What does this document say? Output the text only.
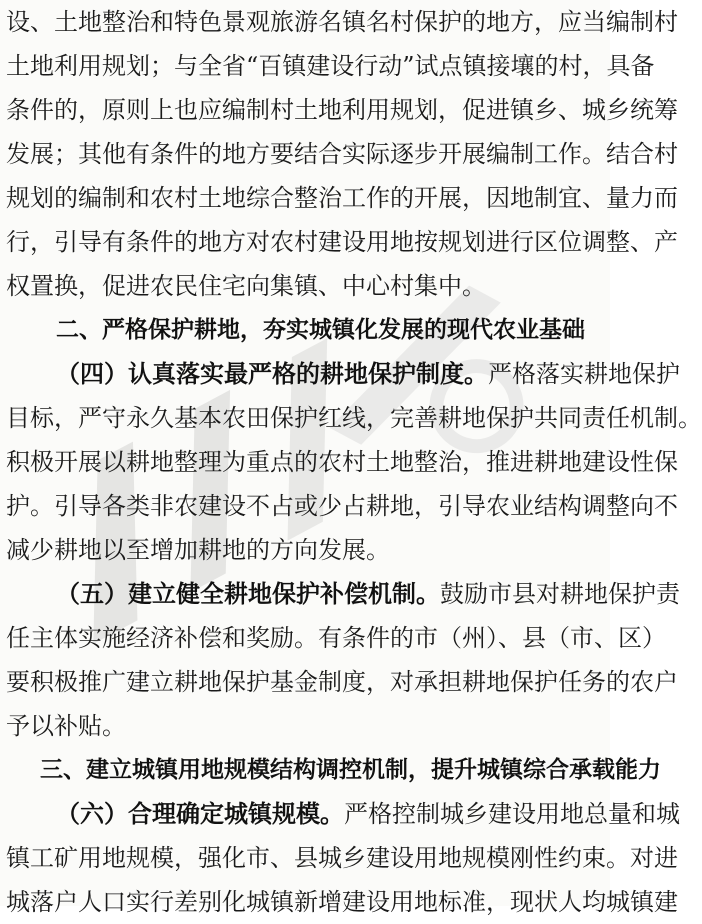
设、土地整治和特色景观旅游名镇名村保护的地方，应当编制村
土地利用规划；与全省“百镇建设行动”试点镇接壤的村，具备
条件的，原则上也应编制村土地利用规划，促进镇乡、城乡统筹
发展；其他有条件的地方要结合实际逐步开展编制工作。结合村
规划的编制和农村土地综合整治工作的开展，因地制宜、量力而
行，引导有条件的地方对农村建设用地按规划进行区位调整、产
权置换，促进农民住宅向集镇、中心村集中。
二、严格保护耕地，夯实城镇化发展的现代农业基础
（四）认真落实最严格的耕地保护制度。严格落实耕地保护
目标，严守永久基本农田保护红线，完善耕地保护共同责任机制。
积极开展以耕地整理为重点的农村土地整治，推进耕地建设性保
护。引导各类非农建设不占或少占耕地，引导农业结构调整向不
减少耕地以至增加耕地的方向发展。
（五）建立健全耕地保护补偿机制。鼓励市县对耕地保护责
任主体实施经济补偿和奖励。有条件的市（州）、县（市、区）
要积极推广建立耕地保护基金制度，对承担耕地保护任务的农户
予以补贴。
三、建立城镇用地规模结构调控机制，提升城镇综合承载能力
（六）合理确定城镇规模。严格控制城乡建设用地总量和城
镇工矿用地规模，强化市、县城乡建设用地规模刚性约束。对进
城落户人口实行差别化城镇新增建设用地标准，现状人均城镇建
